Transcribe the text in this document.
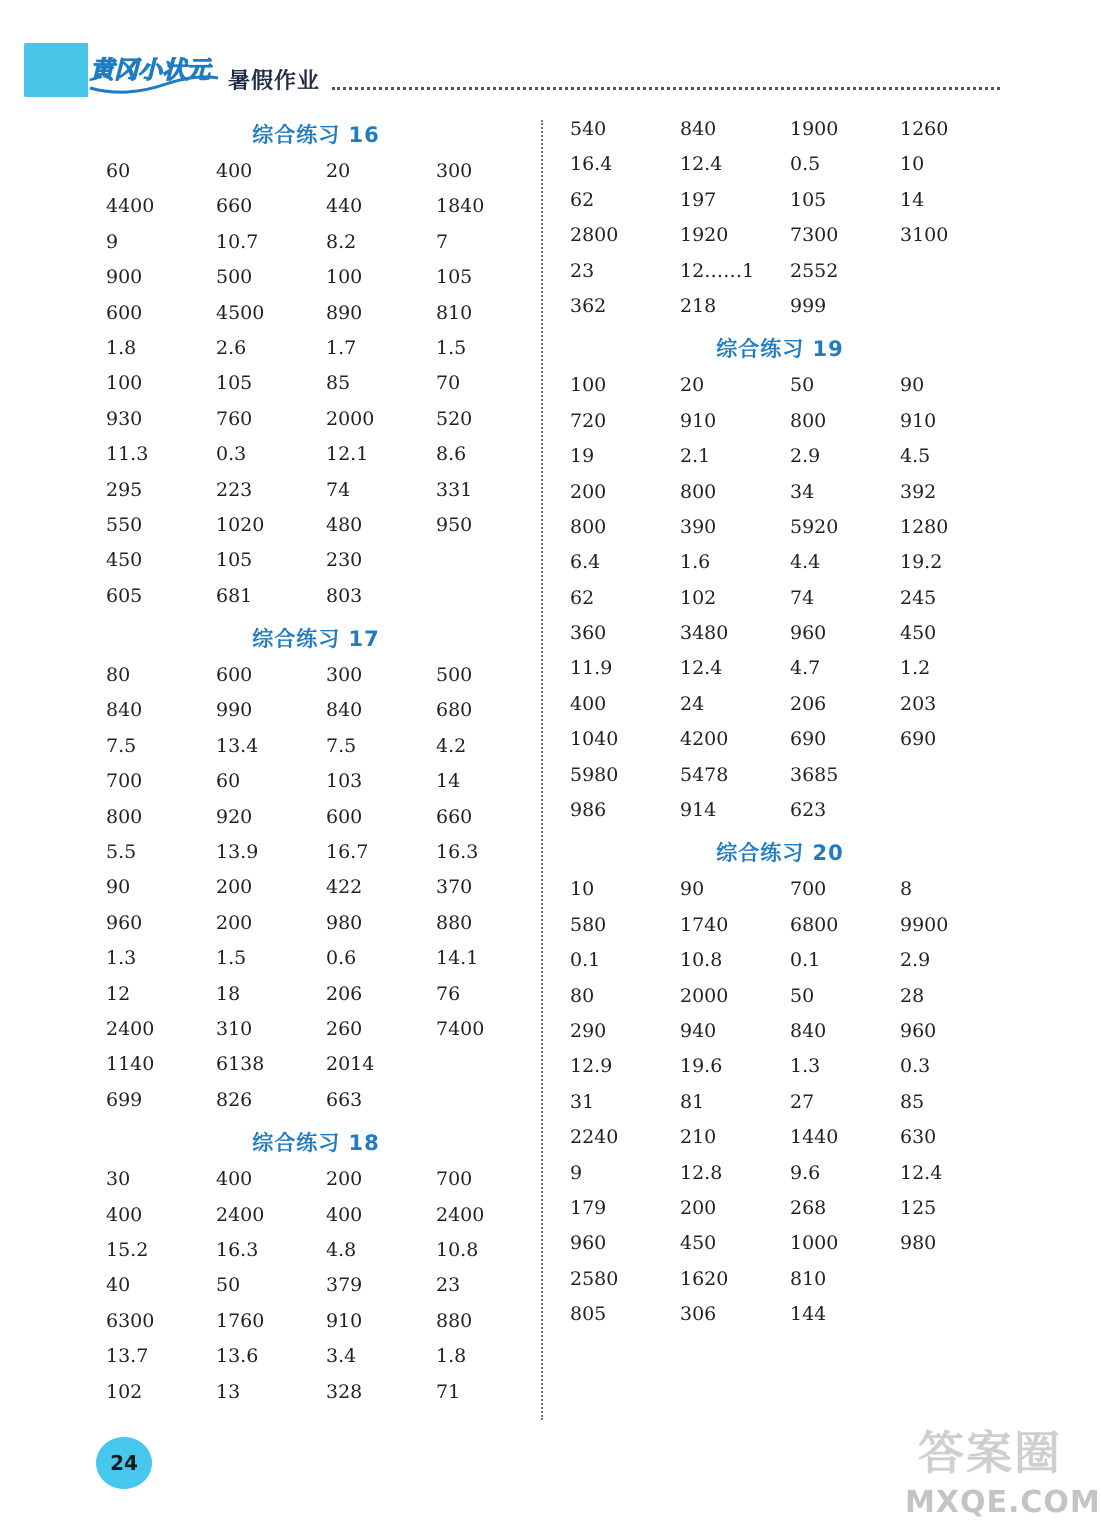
黄冈小状元 暑假作业
综合练习 16
60	400	20	300
4400	660	440	1840
9	10.7	8.2	7
900	500	100	105
600	4500	890	810
1.8	2.6	1.7	1.5
100	105	85	70
930	760	2000	520
11.3	0.3	12.1	8.6
295	223	74	331
550	1020	480	950
450	105	230
605	681	803
综合练习 17
80	600	300	500
840	990	840	680
7.5	13.4	7.5	4.2
700	60	103	14
800	920	600	660
5.5	13.9	16.7	16.3
90	200	422	370
960	200	980	880
1.3	1.5	0.6	14.1
12	18	206	76
2400	310	260	7400
1140	6138	2014
699	826	663
综合练习 18
30	400	200	700
400	2400	400	2400
15.2	16.3	4.8	10.8
40	50	379	23
6300	1760	910	880
13.7	13.6	3.4	1.8
102	13	328	71
540	840	1900	1260
16.4	12.4	0.5	10
62	197	105	14
2800	1920	7300	3100
23	12……1	2552
362	218	999
综合练习 19
100	20	50	90
720	910	800	910
19	2.1	2.9	4.5
200	800	34	392
800	390	5920	1280
6.4	1.6	4.4	19.2
62	102	74	245
360	3480	960	450
11.9	12.4	4.7	1.2
400	24	206	203
1040	4200	690	690
5980	5478	3685
986	914	623
综合练习 20
10	90	700	8
580	1740	6800	9900
0.1	10.8	0.1	2.9
80	2000	50	28
290	940	840	960
12.9	19.6	1.3	0.3
31	81	27	85
2240	210	1440	630
9	12.8	9.6	12.4
179	200	268	125
960	450	1000	980
2580	1620	810
805	306	144
24	答案圈
MXQE.COM
